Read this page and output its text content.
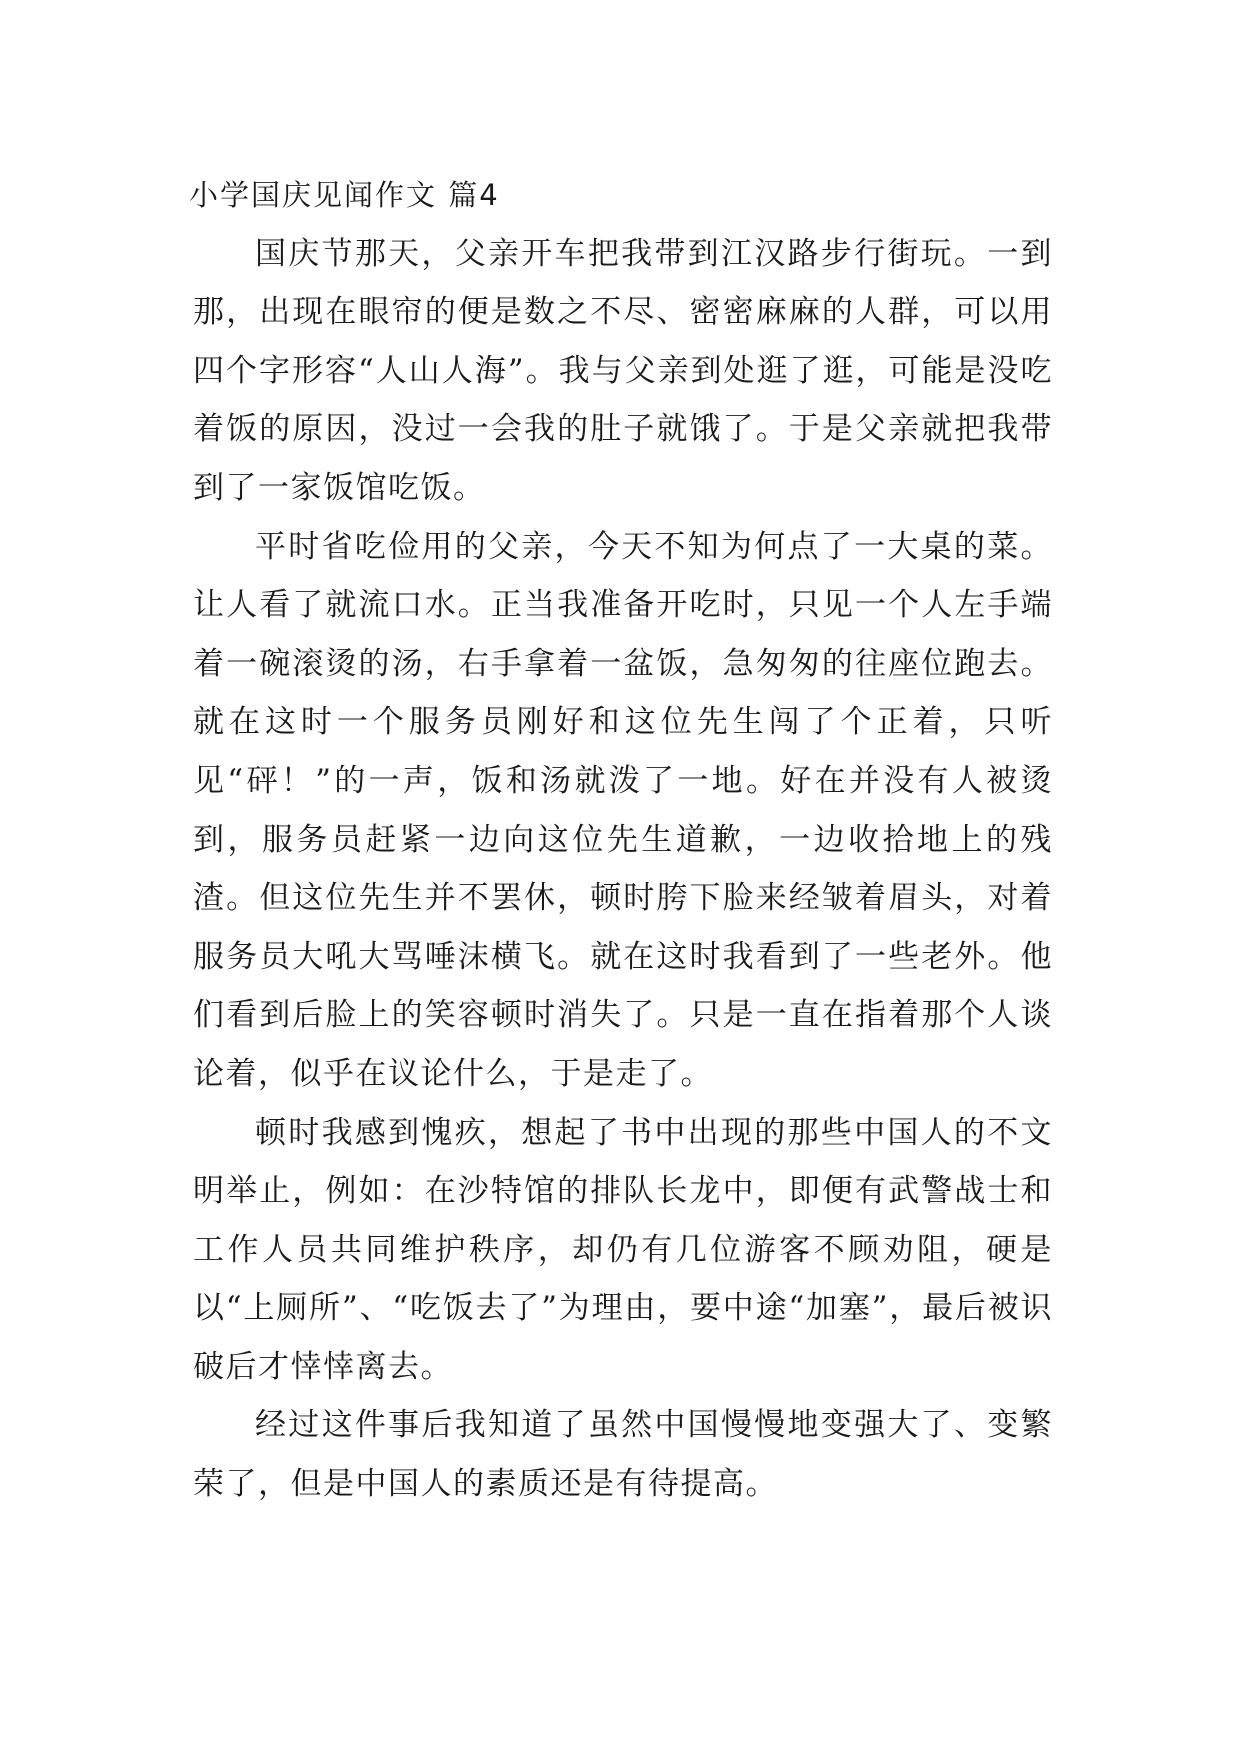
小学国庆见闻作文 篇4

国庆节那天，父亲开车把我带到江汉路步行街玩。一到那，出现在眼帘的便是数之不尽、密密麻麻的人群，可以用四个字形容“人山人海”。我与父亲到处逛了逛，可能是没吃着饭的原因，没过一会我的肚子就饿了。于是父亲就把我带到了一家饭馆吃饭。

平时省吃俭用的父亲，今天不知为何点了一大桌的菜。让人看了就流口水。正当我准备开吃时，只见一个人左手端着一碗滚烫的汤，右手拿着一盆饭，急匆匆的往座位跑去。就在这时一个服务员刚好和这位先生闯了个正着，只听见“砰！”的一声，饭和汤就泼了一地。好在并没有人被烫到，服务员赶紧一边向这位先生道歉，一边收拾地上的残渣。但这位先生并不罢休，顿时胯下脸来经皱着眉头，对着服务员大吼大骂唾沫横飞。就在这时我看到了一些老外。他们看到后脸上的笑容顿时消失了。只是一直在指着那个人谈论着，似乎在议论什么，于是走了。

顿时我感到愧疚，想起了书中出现的那些中国人的不文明举止，例如：在沙特馆的排队长龙中，即便有武警战士和工作人员共同维护秩序，却仍有几位游客不顾劝阻，硬是以“上厕所”、“吃饭去了”为理由，要中途“加塞”，最后被识破后才悻悻离去。

经过这件事后我知道了虽然中国慢慢地变强大了、变繁荣了，但是中国人的素质还是有待提高。
